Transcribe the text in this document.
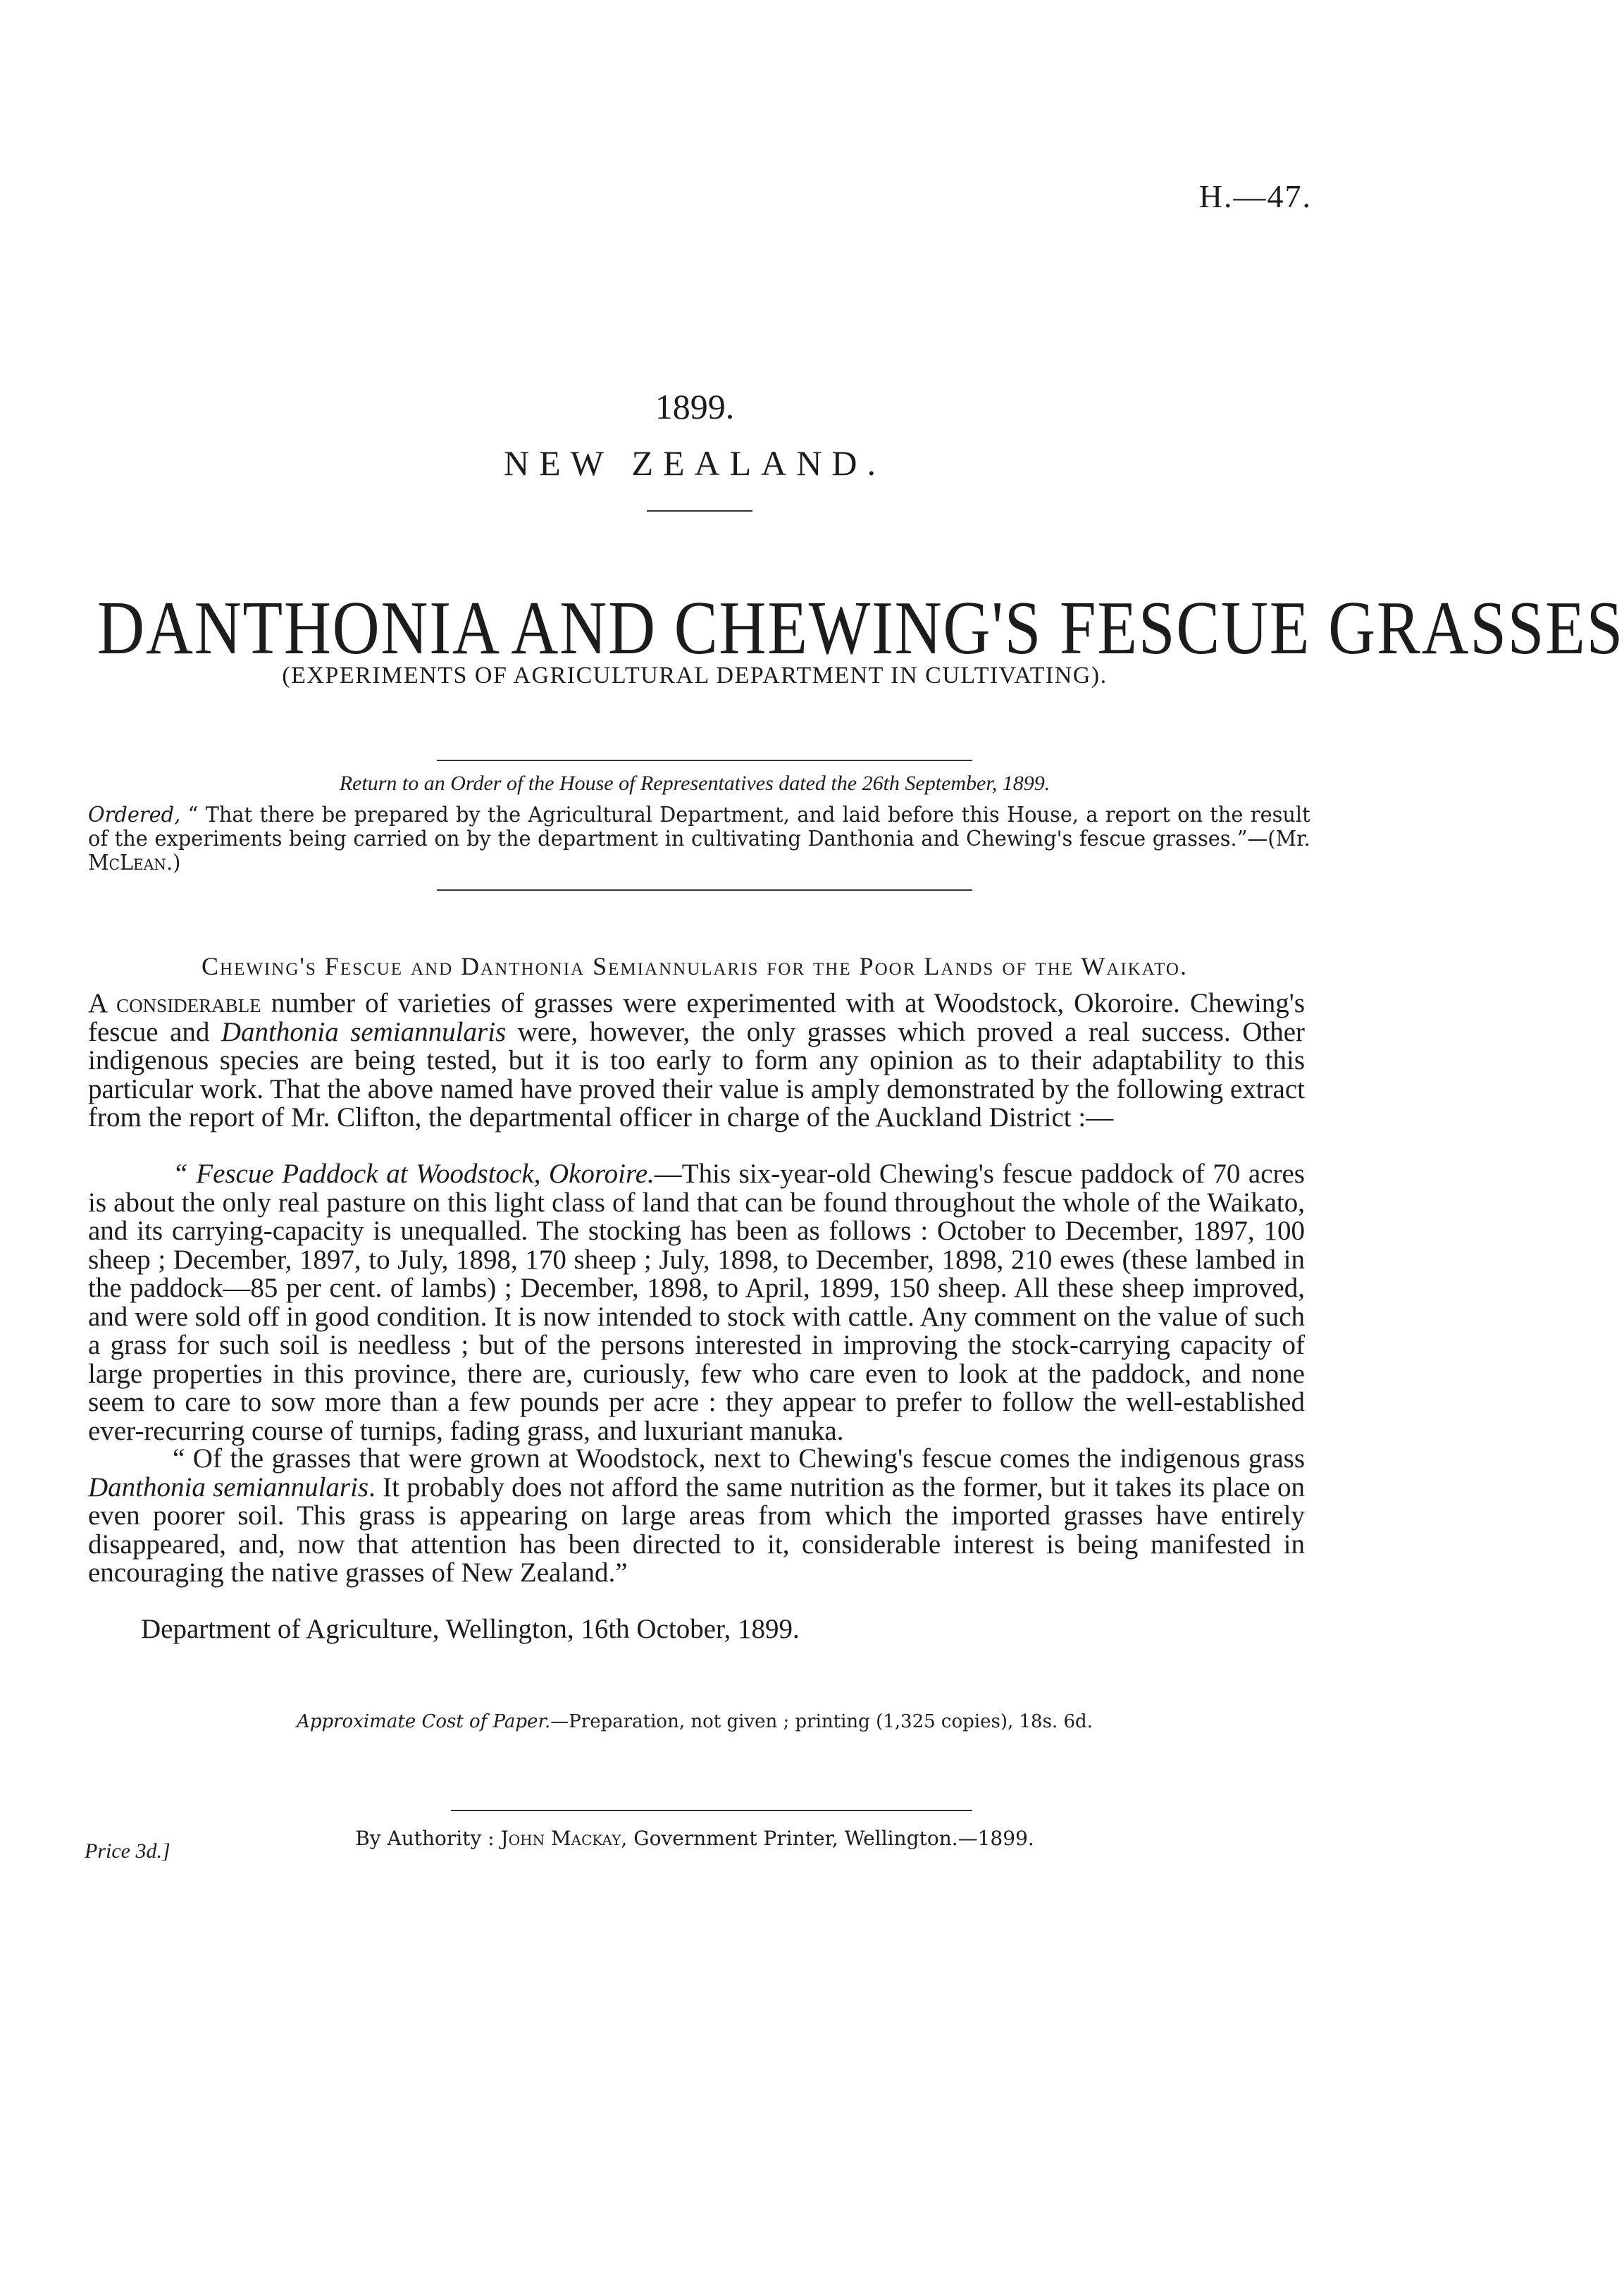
H.—47.
1899.
NEW ZEALAND.
DANTHONIA AND CHEWING'S FESCUE GRASSES
(EXPERIMENTS OF AGRICULTURAL DEPARTMENT IN CULTIVATING).
Return to an Order of the House of Representatives dated the 26th September, 1899.
Ordered, “ That there be prepared by the Agricultural Department, and laid before this House, a report on the result of the experiments being carried on by the department in cultivating Danthonia and Chewing's fescue grasses.”—(Mr. McLean.)
Chewing's Fescue and Danthonia Semiannularis for the Poor Lands of the Waikato.
A considerable number of varieties of grasses were experimented with at Woodstock, Okoroire. Chewing's fescue and Danthonia semiannularis were, however, the only grasses which proved a real success. Other indigenous species are being tested, but it is too early to form any opinion as to their adaptability to this particular work. That the above named have proved their value is amply demonstrated by the following extract from the report of Mr. Clifton, the departmental officer in charge of the Auckland District :—
“ Fescue Paddock at Woodstock, Okoroire.—This six-year-old Chewing's fescue paddock of 70 acres is about the only real pasture on this light class of land that can be found throughout the whole of the Waikato, and its carrying-capacity is unequalled. The stocking has been as follows : October to December, 1897, 100 sheep ; December, 1897, to July, 1898, 170 sheep ; July, 1898, to December, 1898, 210 ewes (these lambed in the paddock—85 per cent. of lambs) ; December, 1898, to April, 1899, 150 sheep. All these sheep improved, and were sold off in good condition. It is now intended to stock with cattle. Any comment on the value of such a grass for such soil is needless ; but of the persons interested in improving the stock-carrying capacity of large properties in this province, there are, curiously, few who care even to look at the paddock, and none seem to care to sow more than a few pounds per acre : they appear to prefer to follow the well-established ever-recurring course of turnips, fading grass, and luxuriant manuka.
“ Of the grasses that were grown at Woodstock, next to Chewing's fescue comes the indigenous grass Danthonia semiannularis. It probably does not afford the same nutrition as the former, but it takes its place on even poorer soil. This grass is appearing on large areas from which the imported grasses have entirely disappeared, and, now that attention has been directed to it, considerable interest is being manifested in encouraging the native grasses of New Zealand.”
Department of Agriculture, Wellington, 16th October, 1899.
Approximate Cost of Paper.—Preparation, not given ; printing (1,325 copies), 18s. 6d.
By Authority : John Mackay, Government Printer, Wellington.—1899.
Price 3d.]
